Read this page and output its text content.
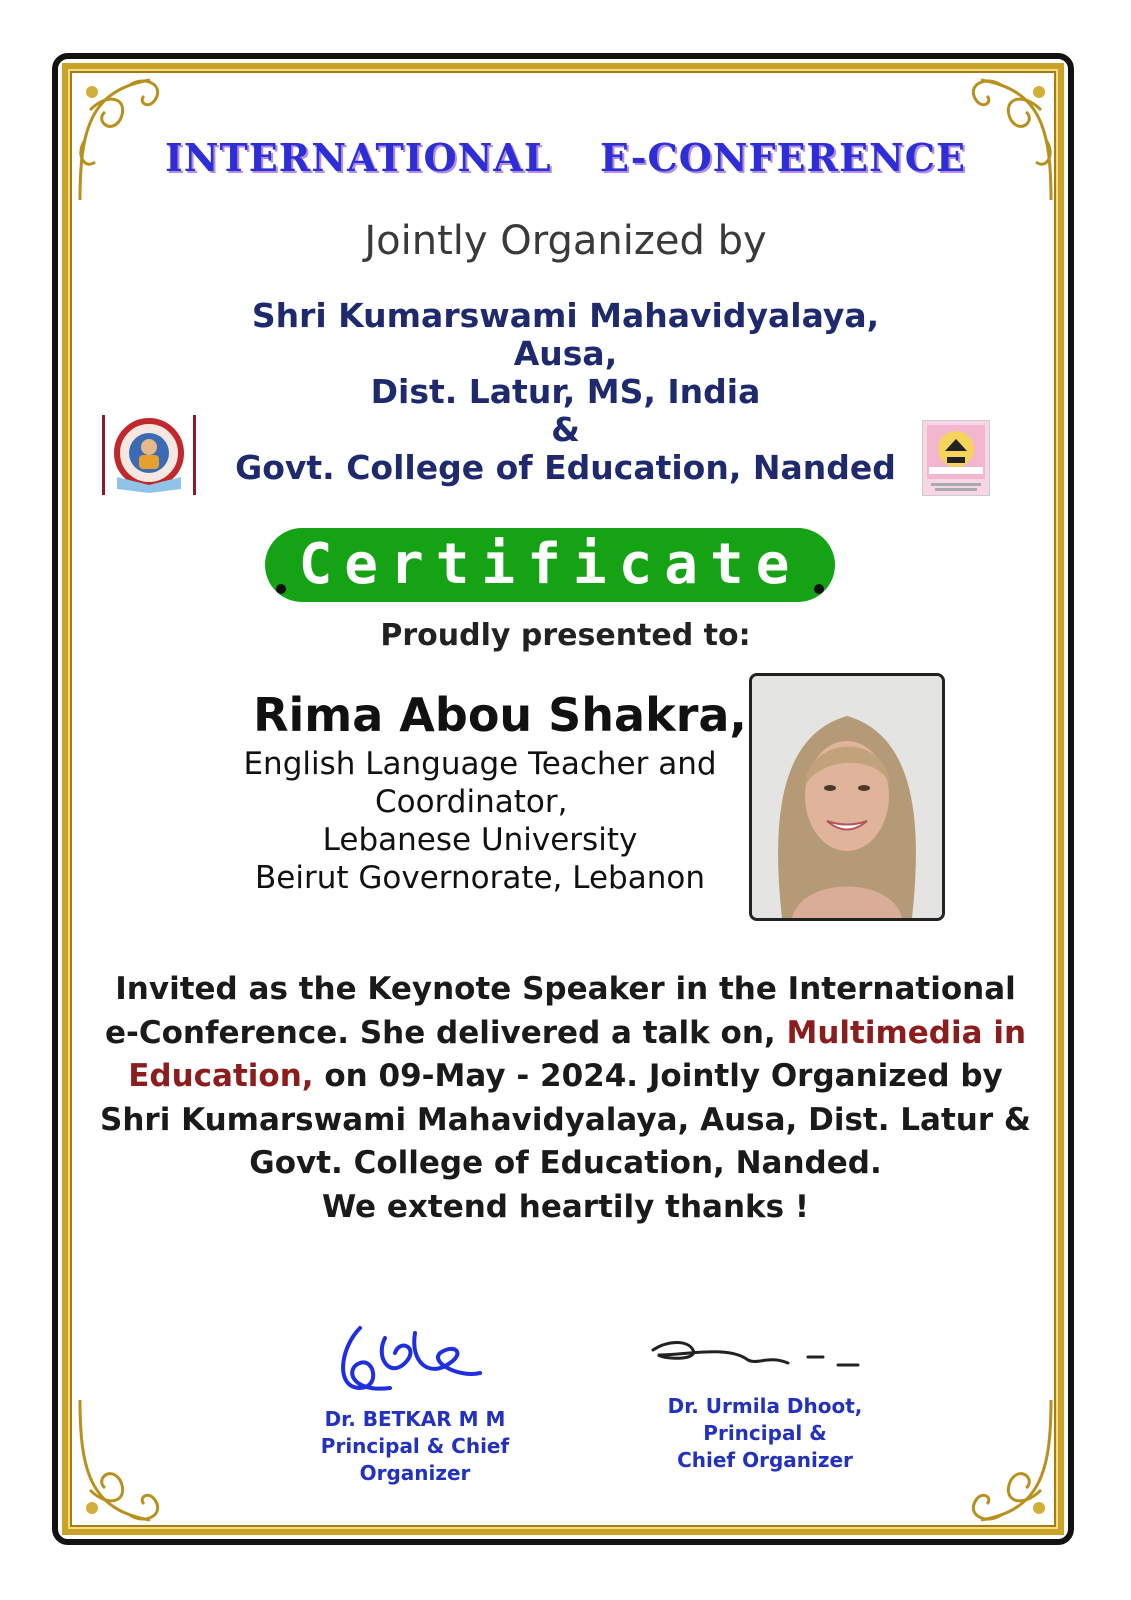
INTERNATIONAL  E-CONFERENCE
Jointly Organized by
Shri Kumarswami Mahavidyalaya,
Ausa,
Dist. Latur, MS, India
&
Govt. College of Education, Nanded
Certificate
Proudly presented to:
Rima Abou Shakra,
English Language Teacher and
Coordinator,
Lebanese University
Beirut Governorate, Lebanon
Invited as the Keynote Speaker in the International e-Conference. She delivered a talk on, Multimedia in Education, on 09-May - 2024. Jointly Organized by Shri Kumarswami Mahavidyalaya, Ausa, Dist. Latur & Govt. College of Education, Nanded.
We extend heartily thanks !
Dr. BETKAR M M
Principal & Chief
Organizer
Dr. Urmila Dhoot,
Principal &
Chief Organizer
